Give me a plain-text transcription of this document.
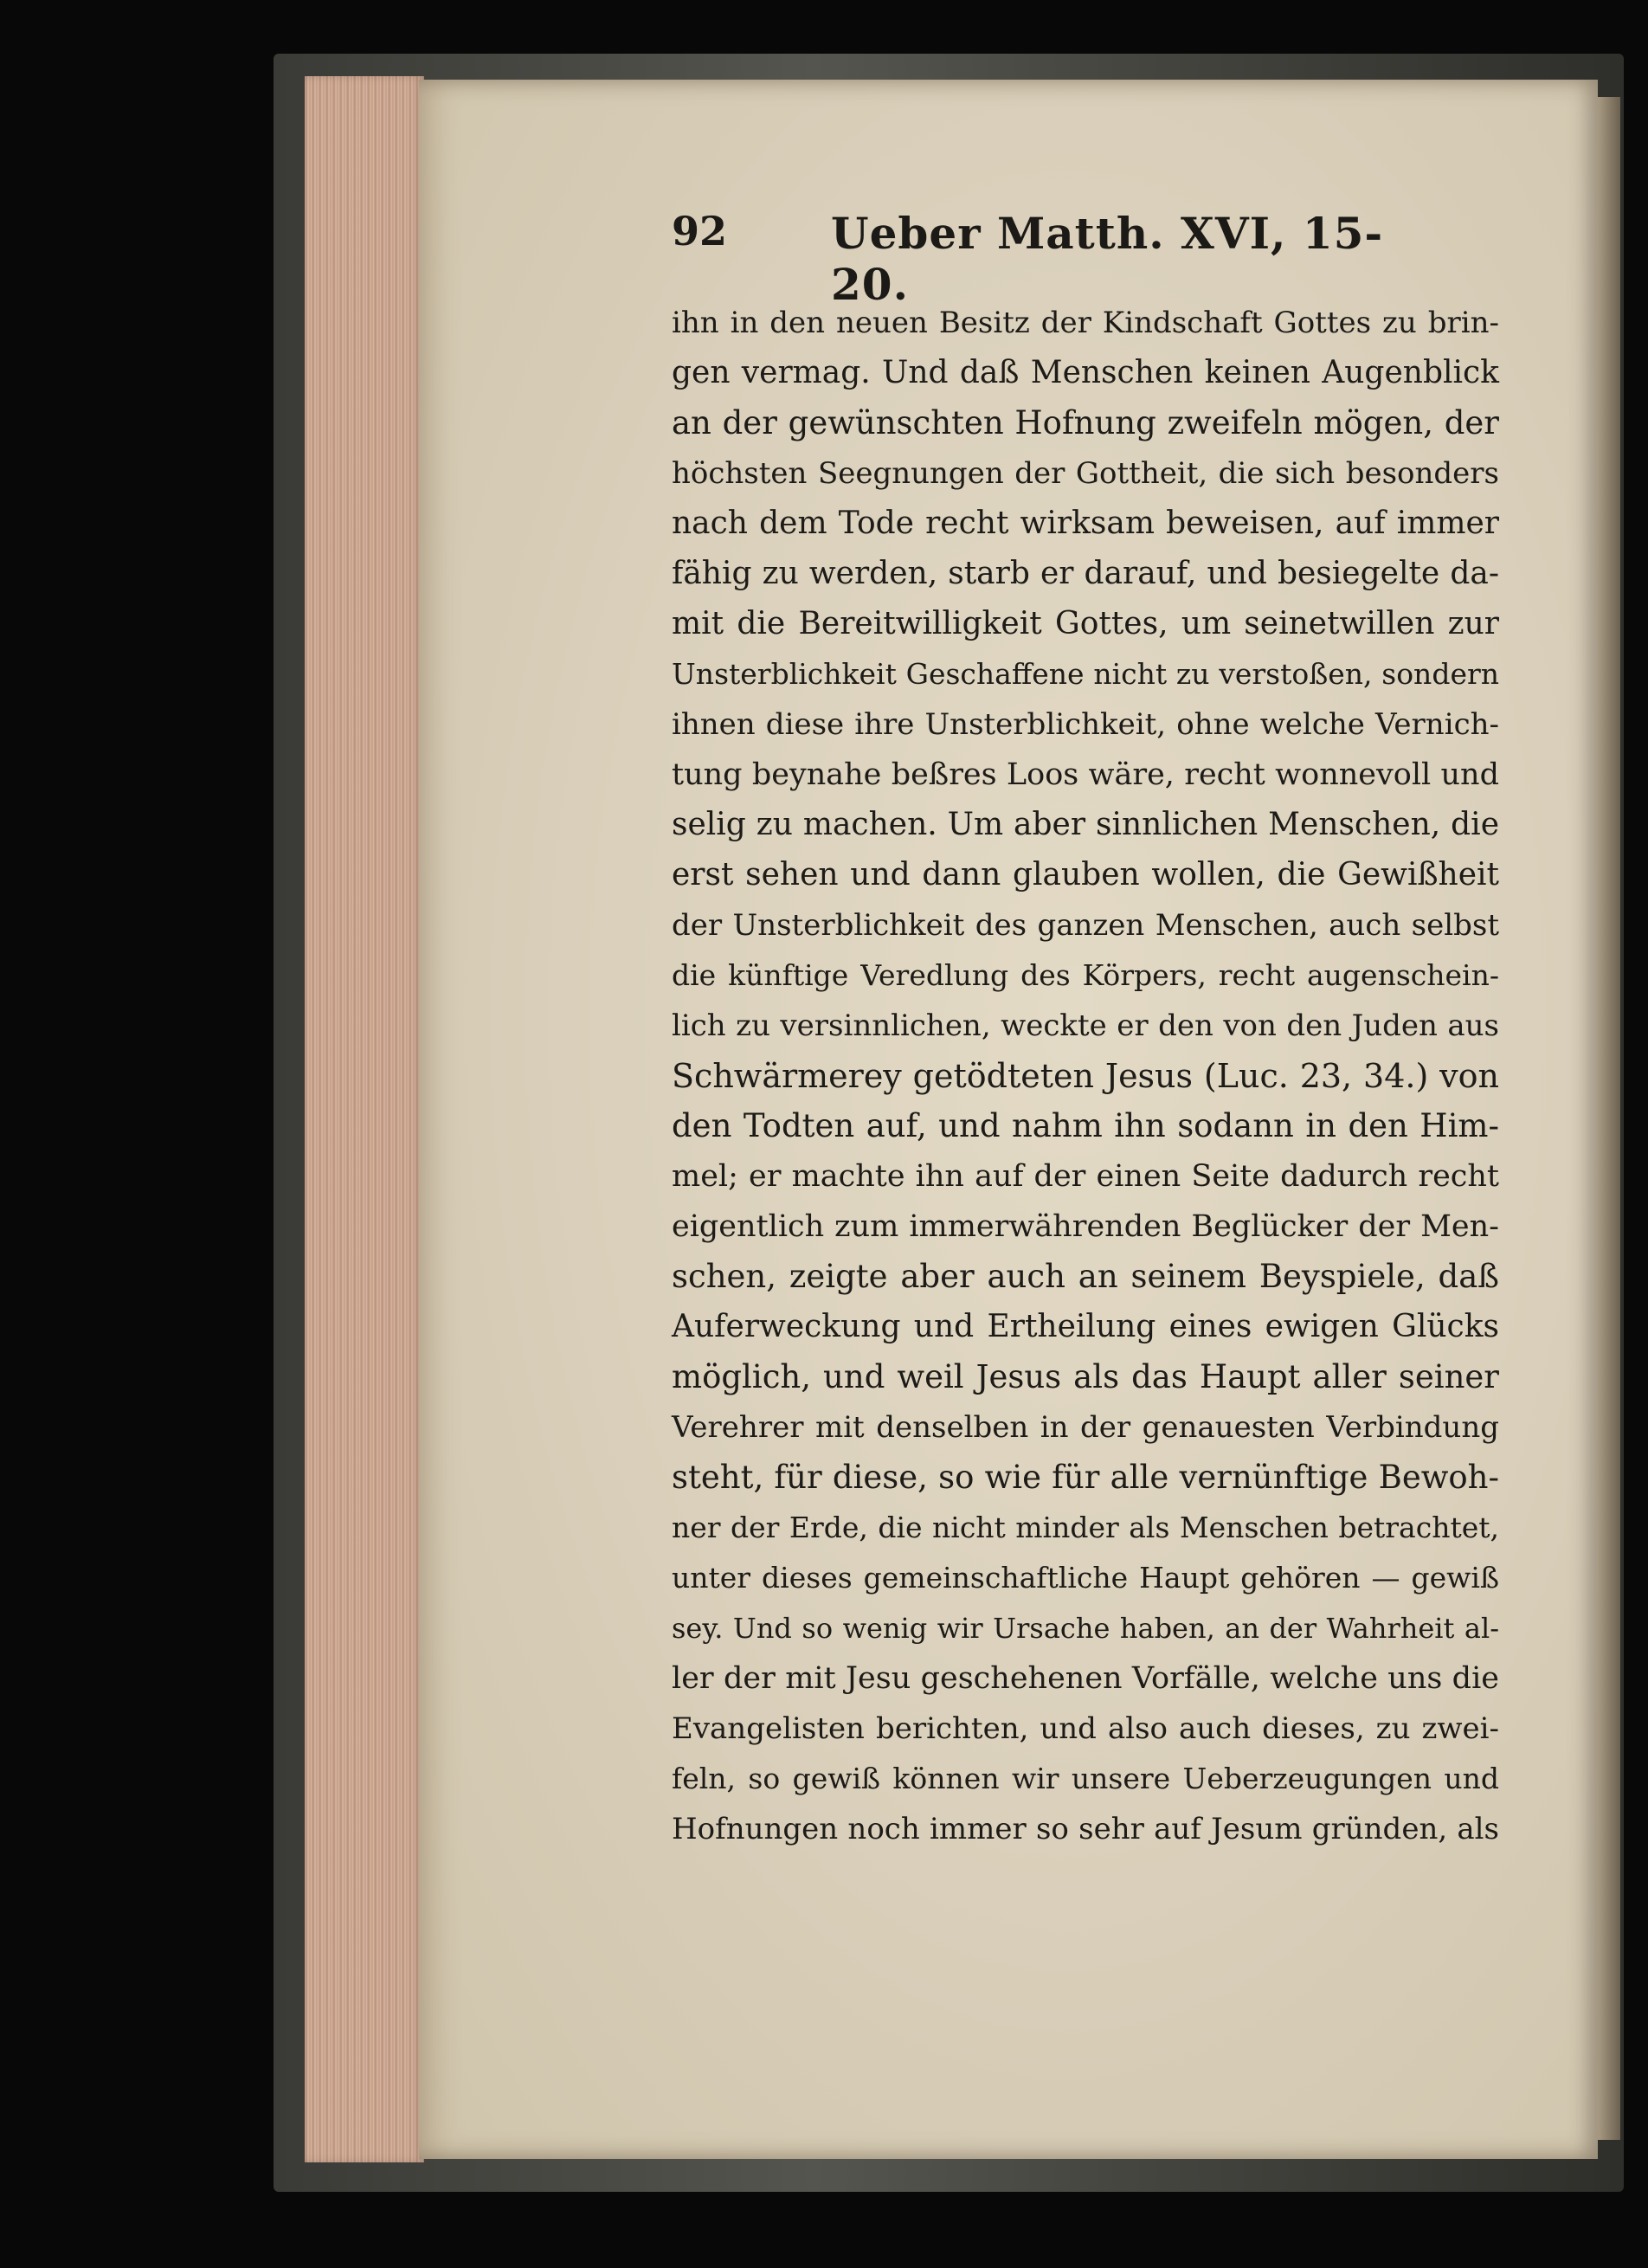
92 Ueber Matth. XVI, 15-20.
ihn in den neuen Besitz der Kindschaft Gottes zu brin-
gen vermag. Und daß Menschen keinen Augenblick
an der gewünschten Hofnung zweifeln mögen, der
höchsten Seegnungen der Gottheit, die sich besonders
nach dem Tode recht wirksam beweisen, auf immer
fähig zu werden, starb er darauf, und besiegelte da-
mit die Bereitwilligkeit Gottes, um seinetwillen zur
Unsterblichkeit Geschaffene nicht zu verstoßen, sondern
ihnen diese ihre Unsterblichkeit, ohne welche Vernich-
tung beynahe beßres Loos wäre, recht wonnevoll und
selig zu machen. Um aber sinnlichen Menschen, die
erst sehen und dann glauben wollen, die Gewißheit
der Unsterblichkeit des ganzen Menschen, auch selbst
die künftige Veredlung des Körpers, recht augenschein-
lich zu versinnlichen, weckte er den von den Juden aus
Schwärmerey getödteten Jesus (Luc. 23, 34.) von
den Todten auf, und nahm ihn sodann in den Him-
mel; er machte ihn auf der einen Seite dadurch recht
eigentlich zum immerwährenden Beglücker der Men-
schen, zeigte aber auch an seinem Beyspiele, daß
Auferweckung und Ertheilung eines ewigen Glücks
möglich, und weil Jesus als das Haupt aller seiner
Verehrer mit denselben in der genauesten Verbindung
steht, für diese, so wie für alle vernünftige Bewoh-
ner der Erde, die nicht minder als Menschen betrachtet,
unter dieses gemeinschaftliche Haupt gehören — gewiß
sey. Und so wenig wir Ursache haben, an der Wahrheit al-
ler der mit Jesu geschehenen Vorfälle, welche uns die
Evangelisten berichten, und also auch dieses, zu zwei-
feln, so gewiß können wir unsere Ueberzeugungen und
Hofnungen noch immer so sehr auf Jesum gründen, als
